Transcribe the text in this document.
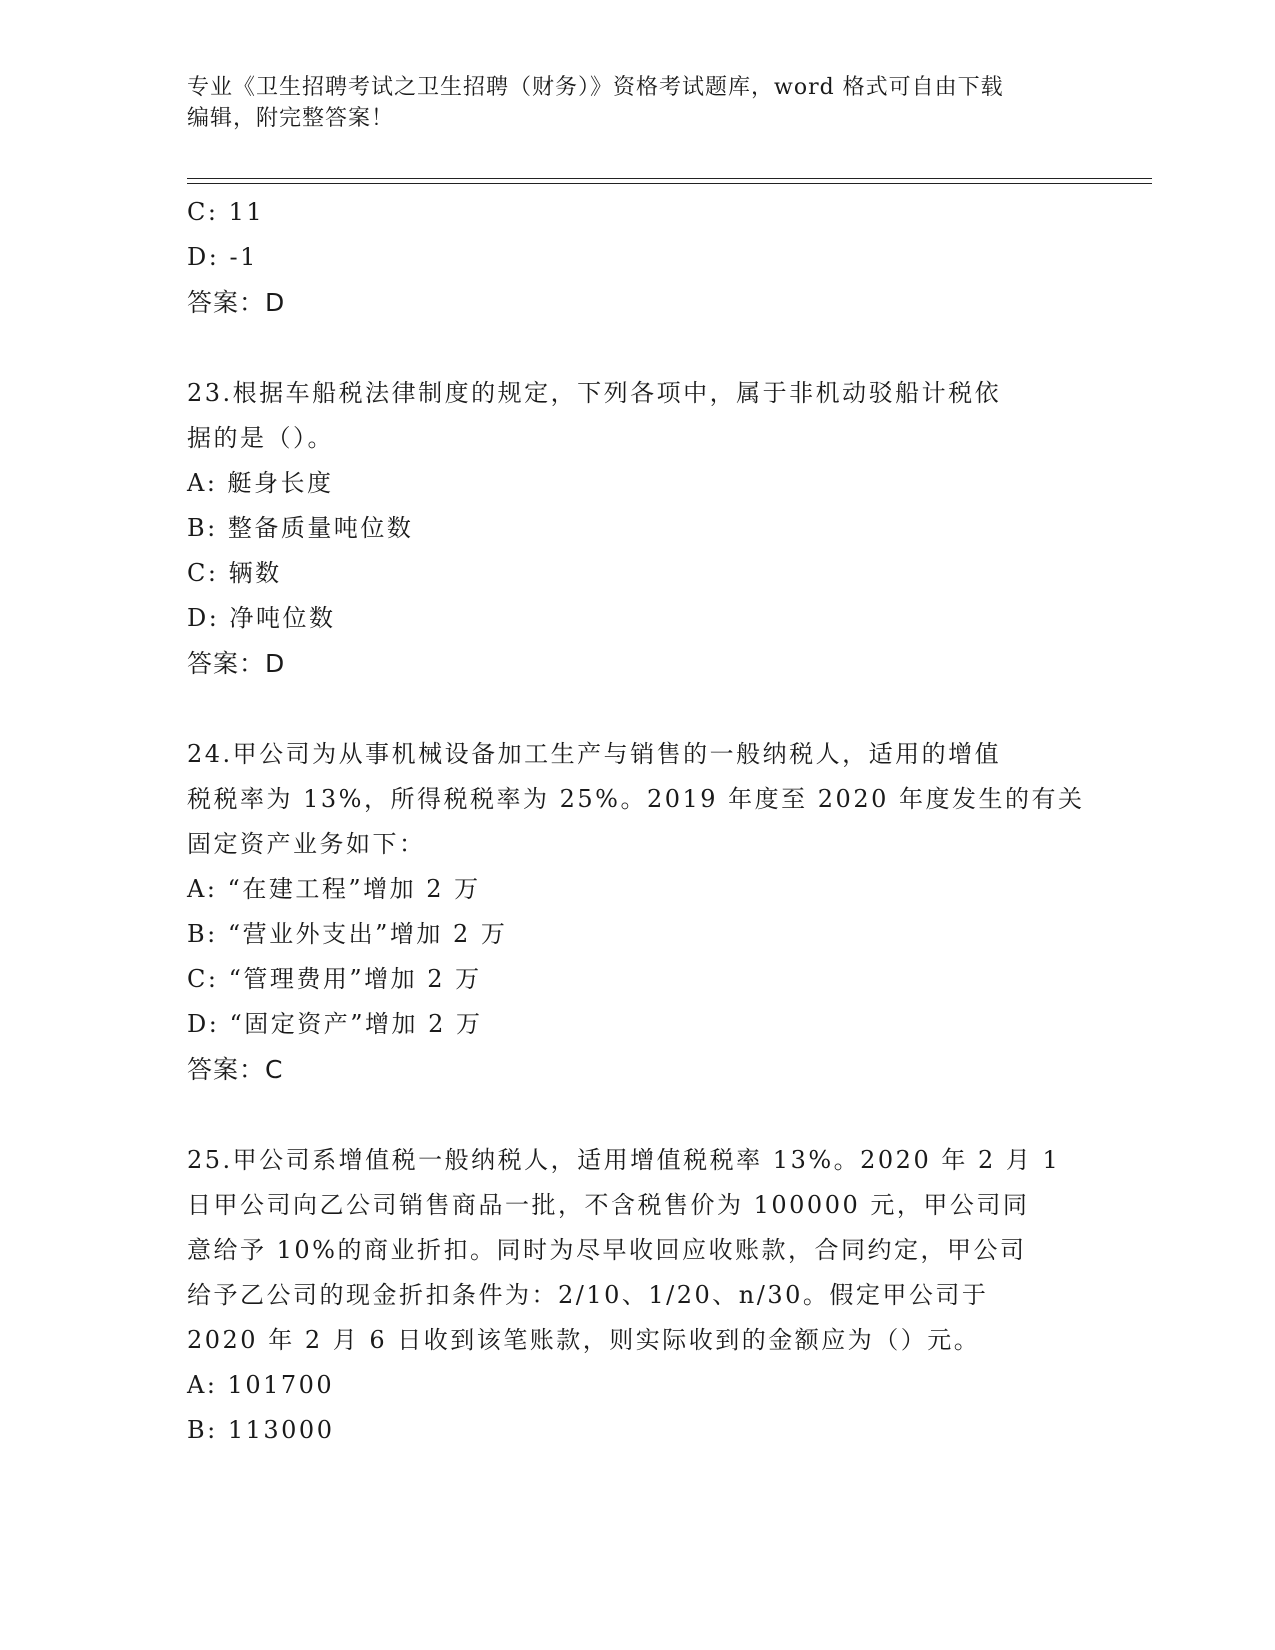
专业《卫生招聘考试之卫生招聘（财务）》资格考试题库，word 格式可自由下载
编辑，附完整答案！
C: 11
D: -1
答案：D
23.根据车船税法律制度的规定，下列各项中，属于非机动驳船计税依
据的是（）。
A: 艇身长度
B: 整备质量吨位数
C: 辆数
D: 净吨位数
答案：D
24.甲公司为从事机械设备加工生产与销售的一般纳税人，适用的增值
税税率为 13%，所得税税率为 25%。2019 年度至 2020 年度发生的有关
固定资产业务如下：
A: “在建工程”增加 2 万
B: “营业外支出”增加 2 万
C: “管理费用”增加 2 万
D: “固定资产”增加 2 万
答案：C
25.甲公司系增值税一般纳税人，适用增值税税率 13%。2020 年 2 月 1
日甲公司向乙公司销售商品一批，不含税售价为 100000 元，甲公司同
意给予 10%的商业折扣。同时为尽早收回应收账款，合同约定，甲公司
给予乙公司的现金折扣条件为：2/10、1/20、n/30。假定甲公司于
2020 年 2 月 6 日收到该笔账款，则实际收到的金额应为（）元。
A: 101700
B: 113000
